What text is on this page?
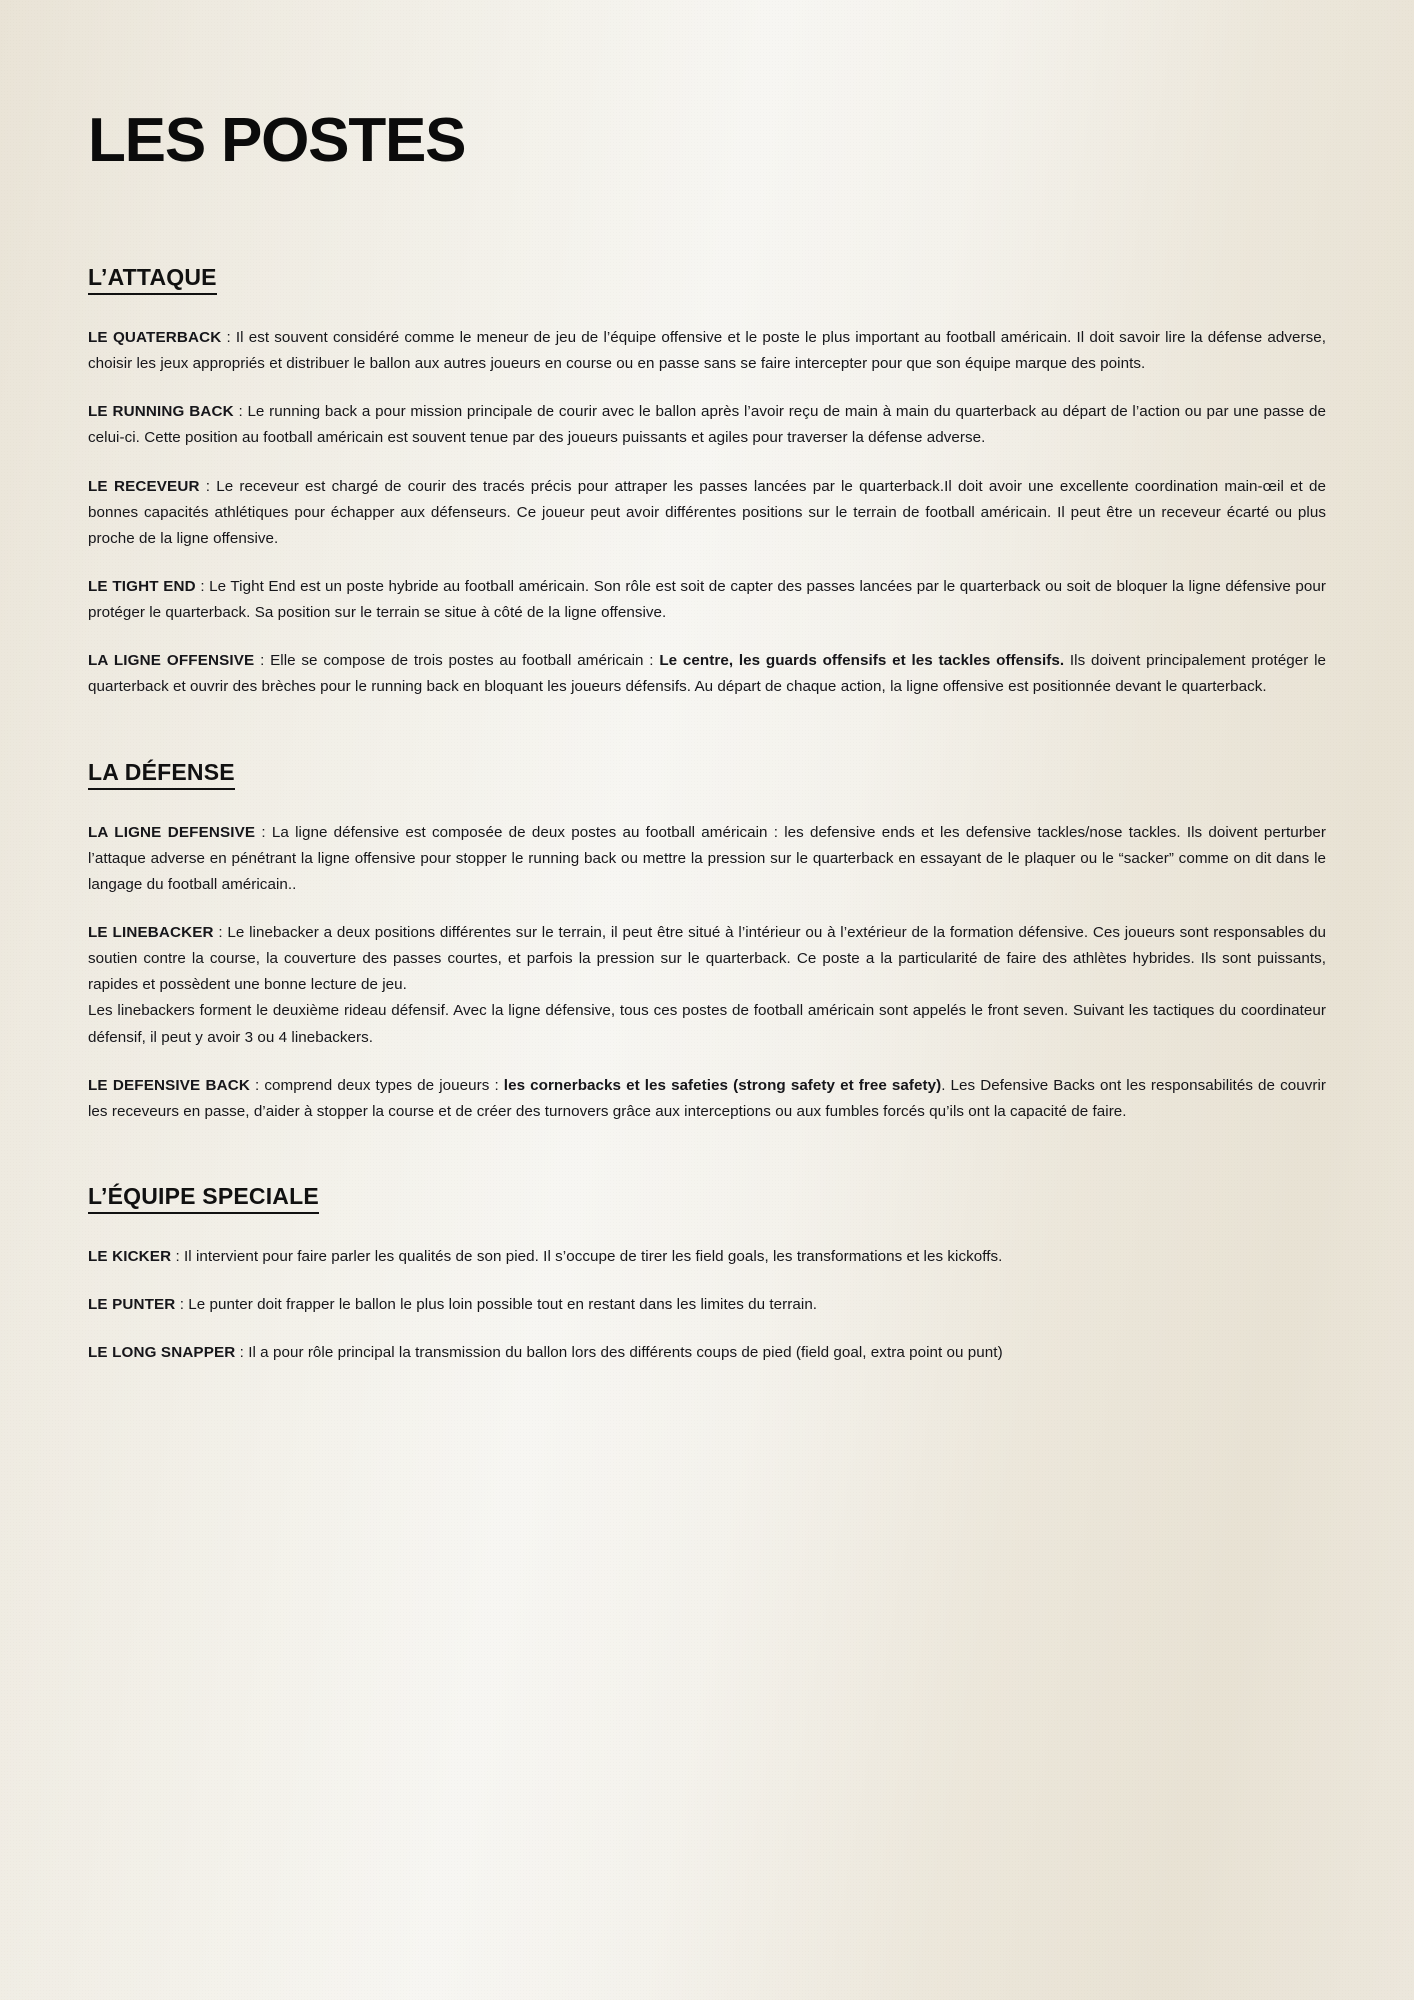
LES POSTES
L’ATTAQUE

LE QUATERBACK : Il est souvent considéré comme le meneur de jeu de l’équipe offensive et le poste le plus important au football américain. Il doit savoir lire la défense adverse, choisir les jeux appropriés et distribuer le ballon aux autres joueurs en course ou en passe sans se faire intercepter pour que son équipe marque des points.

LE RUNNING BACK : Le running back a pour mission principale de courir avec le ballon après l’avoir reçu de main à main du quarterback au départ de l’action ou par une passe de celui-ci. Cette position au football américain est souvent tenue par des joueurs puissants et agiles pour traverser la défense adverse.

LE RECEVEUR : Le receveur est chargé de courir des tracés précis pour attraper les passes lancées par le quarterback.Il doit avoir une excellente coordination main-œil et de bonnes capacités athlétiques pour échapper aux défenseurs. Ce joueur peut avoir différentes positions sur le terrain de football américain. Il peut être un receveur écarté ou plus proche de la ligne offensive.

LE TIGHT END : Le Tight End est un poste hybride au football américain. Son rôle est soit de capter des passes lancées par le quarterback ou soit de bloquer la ligne défensive pour protéger le quarterback. Sa position sur le terrain se situe à côté de la ligne offensive.

LA LIGNE OFFENSIVE : Elle se compose de trois postes au football américain : Le centre, les guards offensifs et les tackles offensifs. Ils doivent principalement protéger le quarterback et ouvrir des brèches pour le running back en bloquant les joueurs défensifs. Au départ de chaque action, la ligne offensive est positionnée devant le quarterback.

LA DÉFENSE

LA LIGNE DEFENSIVE : La ligne défensive est composée de deux postes au football américain : les defensive ends et les defensive tackles/nose tackles. Ils doivent perturber l’attaque adverse en pénétrant la ligne offensive pour stopper le running back ou mettre la pression sur le quarterback en essayant de le plaquer ou le “sacker” comme on dit dans le langage du football américain..

LE LINEBACKER : Le linebacker a deux positions différentes sur le terrain, il peut être situé à l’intérieur ou à l’extérieur de la formation défensive. Ces joueurs sont responsables du soutien contre la course, la couverture des passes courtes, et parfois la pression sur le quarterback. Ce poste a la particularité de faire des athlètes hybrides. Ils sont puissants, rapides et possèdent une bonne lecture de jeu.

Les linebackers forment le deuxième rideau défensif. Avec la ligne défensive, tous ces postes de football américain sont appelés le front seven. Suivant les tactiques du coordinateur défensif, il peut y avoir 3 ou 4 linebackers.

LE DEFENSIVE BACK : comprend deux types de joueurs : les cornerbacks et les safeties (strong safety et free safety). Les Defensive Backs ont les responsabilités de couvrir les receveurs en passe, d’aider à stopper la course et de créer des turnovers grâce aux interceptions ou aux fumbles forcés qu’ils ont la capacité de faire.

L’ÉQUIPE SPECIALE

LE KICKER : Il intervient pour faire parler les qualités de son pied. Il s’occupe de tirer les field goals, les transformations et les kickoffs.

LE PUNTER : Le punter doit frapper le ballon le plus loin possible tout en restant dans les limites du terrain.

LE LONG SNAPPER : Il a pour rôle principal la transmission du ballon lors des différents coups de pied (field goal, extra point ou punt)
